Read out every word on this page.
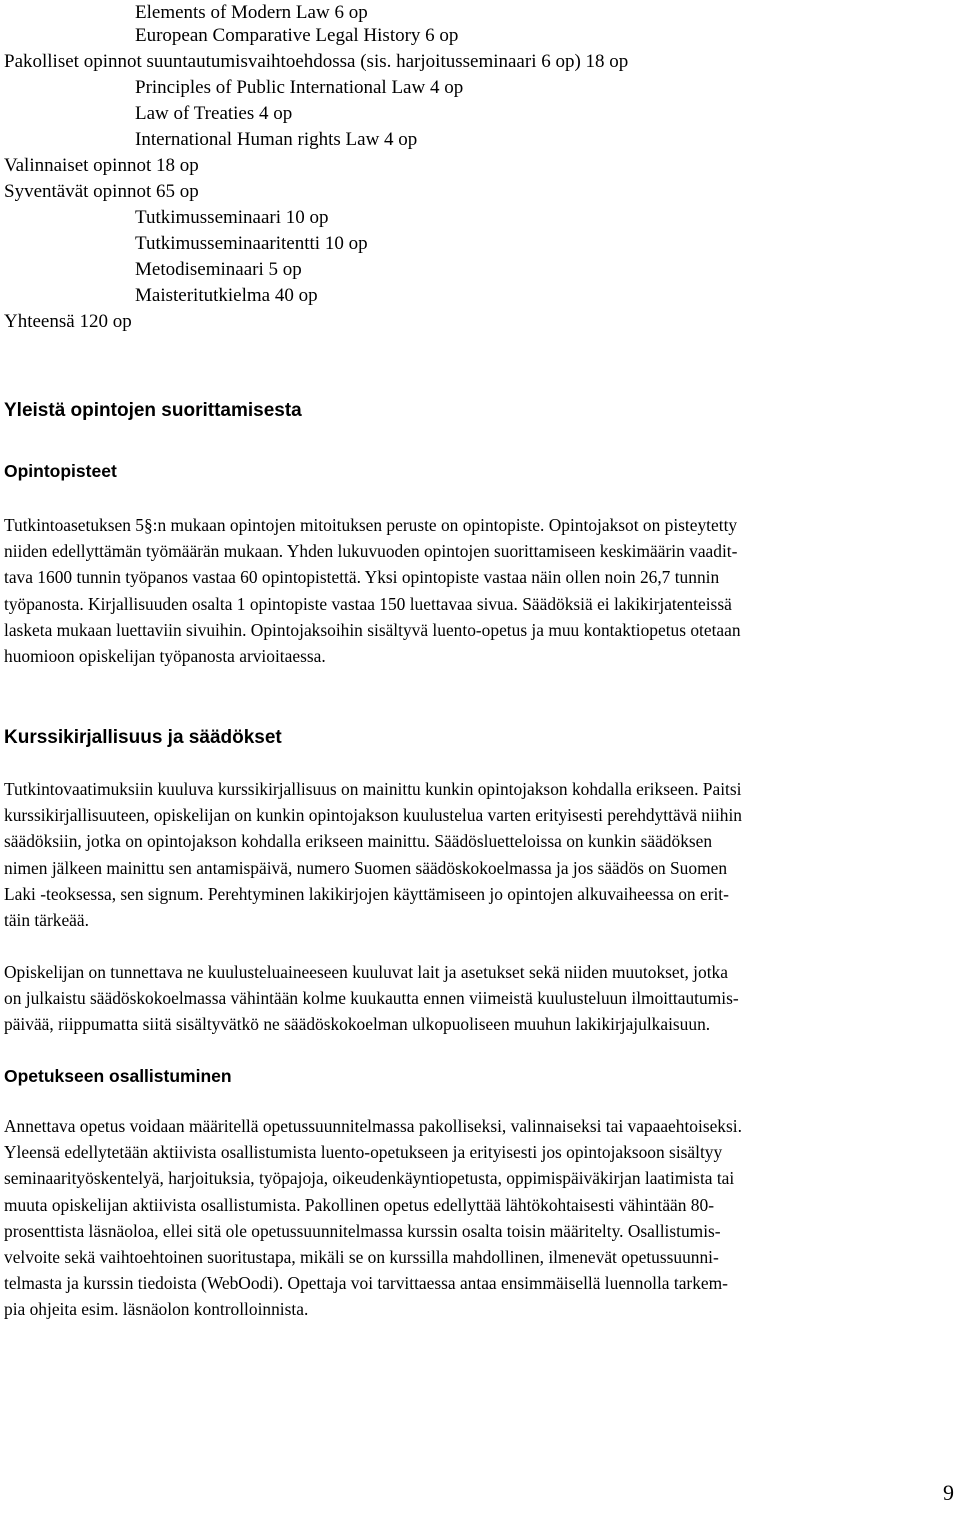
Elements of Modern Law 6 op
European Comparative Legal History 6 op
Pakolliset opinnot suuntautumisvaihtoehdossa (sis. harjoitusseminaari 6 op) 18 op
Principles of Public International Law 4 op
Law of Treaties 4 op
International Human rights Law 4 op
Valinnaiset opinnot 18 op
Syventävät opinnot 65 op
Tutkimusseminaari 10 op
Tutkimusseminaaritentti 10 op
Metodiseminaari 5 op
Maisteritutkielma 40 op
Yhteensä 120 op
Yleistä opintojen suorittamisesta
Opintopisteet
Tutkintoasetuksen 5§:n mukaan opintojen mitoituksen peruste on opintopiste. Opintojaksot on pisteytetty
niiden edellyttämän työmäärän mukaan. Yhden lukuvuoden opintojen suorittamiseen keskimäärin vaadit-
tava 1600 tunnin työpanos vastaa 60 opintopistettä. Yksi opintopiste vastaa näin ollen noin 26,7 tunnin
työpanosta. Kirjallisuuden osalta 1 opintopiste vastaa 150 luettavaa sivua. Säädöksiä ei lakikirjatenteissä
lasketa mukaan luettaviin sivuihin. Opintojaksoihin sisältyvä luento-opetus ja muu kontaktiopetus otetaan
huomioon opiskelijan työpanosta arvioitaessa.
Kurssikirjallisuus ja säädökset
Tutkintovaatimuksiin kuuluva kurssikirjallisuus on mainittu kunkin opintojakson kohdalla erikseen. Paitsi
kurssikirjallisuuteen, opiskelijan on kunkin opintojakson kuulustelua varten erityisesti perehdyttävä niihin
säädöksiin, jotka on opintojakson kohdalla erikseen mainittu. Säädösluetteloissa on kunkin säädöksen
nimen jälkeen mainittu sen antamispäivä, numero Suomen säädöskokoelmassa ja jos säädös on Suomen
Laki -teoksessa, sen signum. Perehtyminen lakikirjojen käyttämiseen jo opintojen alkuvaiheessa on erit-
täin tärkeää.
Opiskelijan on tunnettava ne kuulusteluaineeseen kuuluvat lait ja asetukset sekä niiden muutokset, jotka
on julkaistu säädöskokoelmassa vähintään kolme kuukautta ennen viimeistä kuulusteluun ilmoittautumis-
päivää, riippumatta siitä sisältyvätkö ne säädöskokoelman ulkopuoliseen muuhun lakikirjajulkaisuun.
Opetukseen osallistuminen
Annettava opetus voidaan määritellä opetussuunnitelmassa pakolliseksi, valinnaiseksi tai vapaaehtoiseksi.
Yleensä edellytetään aktiivista osallistumista luento-opetukseen ja erityisesti jos opintojaksoon sisältyy
seminaarityöskentelyä, harjoituksia, työpajoja, oikeudenkäyntiopetusta, oppimispäiväkirjan laatimista tai
muuta opiskelijan aktiivista osallistumista. Pakollinen opetus edellyttää lähtökohtaisesti vähintään 80-
prosenttista läsnäoloa, ellei sitä ole opetussuunnitelmassa kurssin osalta toisin määritelty. Osallistumis-
velvoite sekä vaihtoehtoinen suoritustapa, mikäli se on kurssilla mahdollinen, ilmenevät opetussuunni-
telmasta ja kurssin tiedoista (WebOodi). Opettaja voi tarvittaessa antaa ensimmäisellä luennolla tarkem-
pia ohjeita esim. läsnäolon kontrolloinnista.
9
